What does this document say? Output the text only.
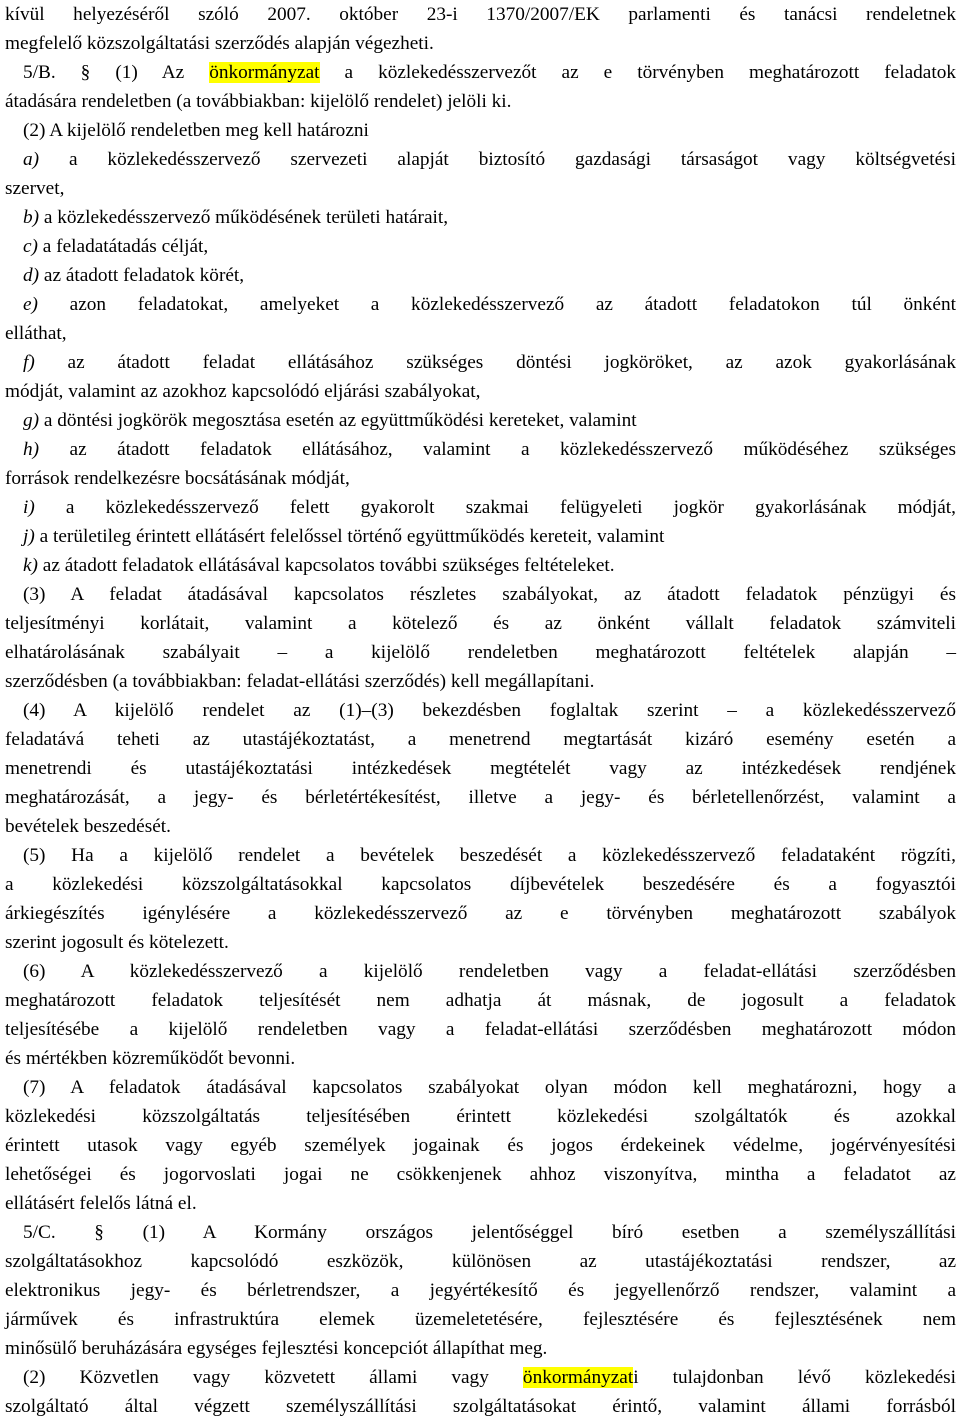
kívül helyezéséről szóló 2007. október 23-i 1370/2007/EK parlamenti és tanácsi rendeletnek

megfelelő közszolgáltatási szerződés alapján végezheti.

5/B. § (1) Az önkormányzat a közlekedésszervezőt az e törvényben meghatározott feladatok

átadására rendeletben (a továbbiakban: kijelölő rendelet) jelöli ki.

(2) A kijelölő rendeletben meg kell határozni

a) a közlekedésszervező szervezeti alapját biztosító gazdasági társaságot vagy költségvetési

szervet,

b) a közlekedésszervező működésének területi határait,

c) a feladatátadás célját,

d) az átadott feladatok körét,

e) azon feladatokat, amelyeket a közlekedésszervező az átadott feladatokon túl önként

elláthat,

f) az átadott feladat ellátásához szükséges döntési jogköröket, az azok gyakorlásának

módját, valamint az azokhoz kapcsolódó eljárási szabályokat,

g) a döntési jogkörök megosztása esetén az együttműködési kereteket, valamint

h) az átadott feladatok ellátásához, valamint a közlekedésszervező működéséhez szükséges

források rendelkezésre bocsátásának módját,

i) a közlekedésszervező felett gyakorolt szakmai felügyeleti jogkör gyakorlásának módját,

j) a területileg érintett ellátásért felelőssel történő együttműködés kereteit, valamint

k) az átadott feladatok ellátásával kapcsolatos további szükséges feltételeket.

(3) A feladat átadásával kapcsolatos részletes szabályokat, az átadott feladatok pénzügyi és

teljesítményi korlátait, valamint a kötelező és az önként vállalt feladatok számviteli

elhatárolásának szabályait – a kijelölő rendeletben meghatározott feltételek alapján –

szerződésben (a továbbiakban: feladat-ellátási szerződés) kell megállapítani.

(4) A kijelölő rendelet az (1)–(3) bekezdésben foglaltak szerint – a közlekedésszervező

feladatává teheti az utastájékoztatást, a menetrend megtartását kizáró esemény esetén a

menetrendi és utastájékoztatási intézkedések megtételét vagy az intézkedések rendjének

meghatározását, a jegy- és bérletértékesítést, illetve a jegy- és bérletellenőrzést, valamint a

bevételek beszedését.

(5) Ha a kijelölő rendelet a bevételek beszedését a közlekedésszervező feladataként rögzíti,

a közlekedési közszolgáltatásokkal kapcsolatos díjbevételek beszedésére és a fogyasztói

árkiegészítés igénylésére a közlekedésszervező az e törvényben meghatározott szabályok

szerint jogosult és kötelezett.

(6) A közlekedésszervező a kijelölő rendeletben vagy a feladat-ellátási szerződésben

meghatározott feladatok teljesítését nem adhatja át másnak, de jogosult a feladatok

teljesítésébe a kijelölő rendeletben vagy a feladat-ellátási szerződésben meghatározott módon

és mértékben közreműködőt bevonni.

(7) A feladatok átadásával kapcsolatos szabályokat olyan módon kell meghatározni, hogy a

közlekedési közszolgáltatás teljesítésében érintett közlekedési szolgáltatók és azokkal

érintett utasok vagy egyéb személyek jogainak és jogos érdekeinek védelme, jogérvényesítési

lehetőségei és jogorvoslati jogai ne csökkenjenek ahhoz viszonyítva, mintha a feladatot az

ellátásért felelős látná el.

5/C. § (1) A Kormány országos jelentőséggel bíró esetben a személyszállítási

szolgáltatásokhoz kapcsolódó eszközök, különösen az utastájékoztatási rendszer, az

elektronikus jegy- és bérletrendszer, a jegyértékesítő és jegyellenőrző rendszer, valamint a

járművek és infrastruktúra elemek üzemeletetésére, fejlesztésére és fejlesztésének nem

minősülő beruházására egységes fejlesztési koncepciót állapíthat meg.

(2) Közvetlen vagy közvetett állami vagy önkormányzati tulajdonban lévő közlekedési

szolgáltató által végzett személyszállítási szolgáltatásokat érintő, valamint állami forrásból
